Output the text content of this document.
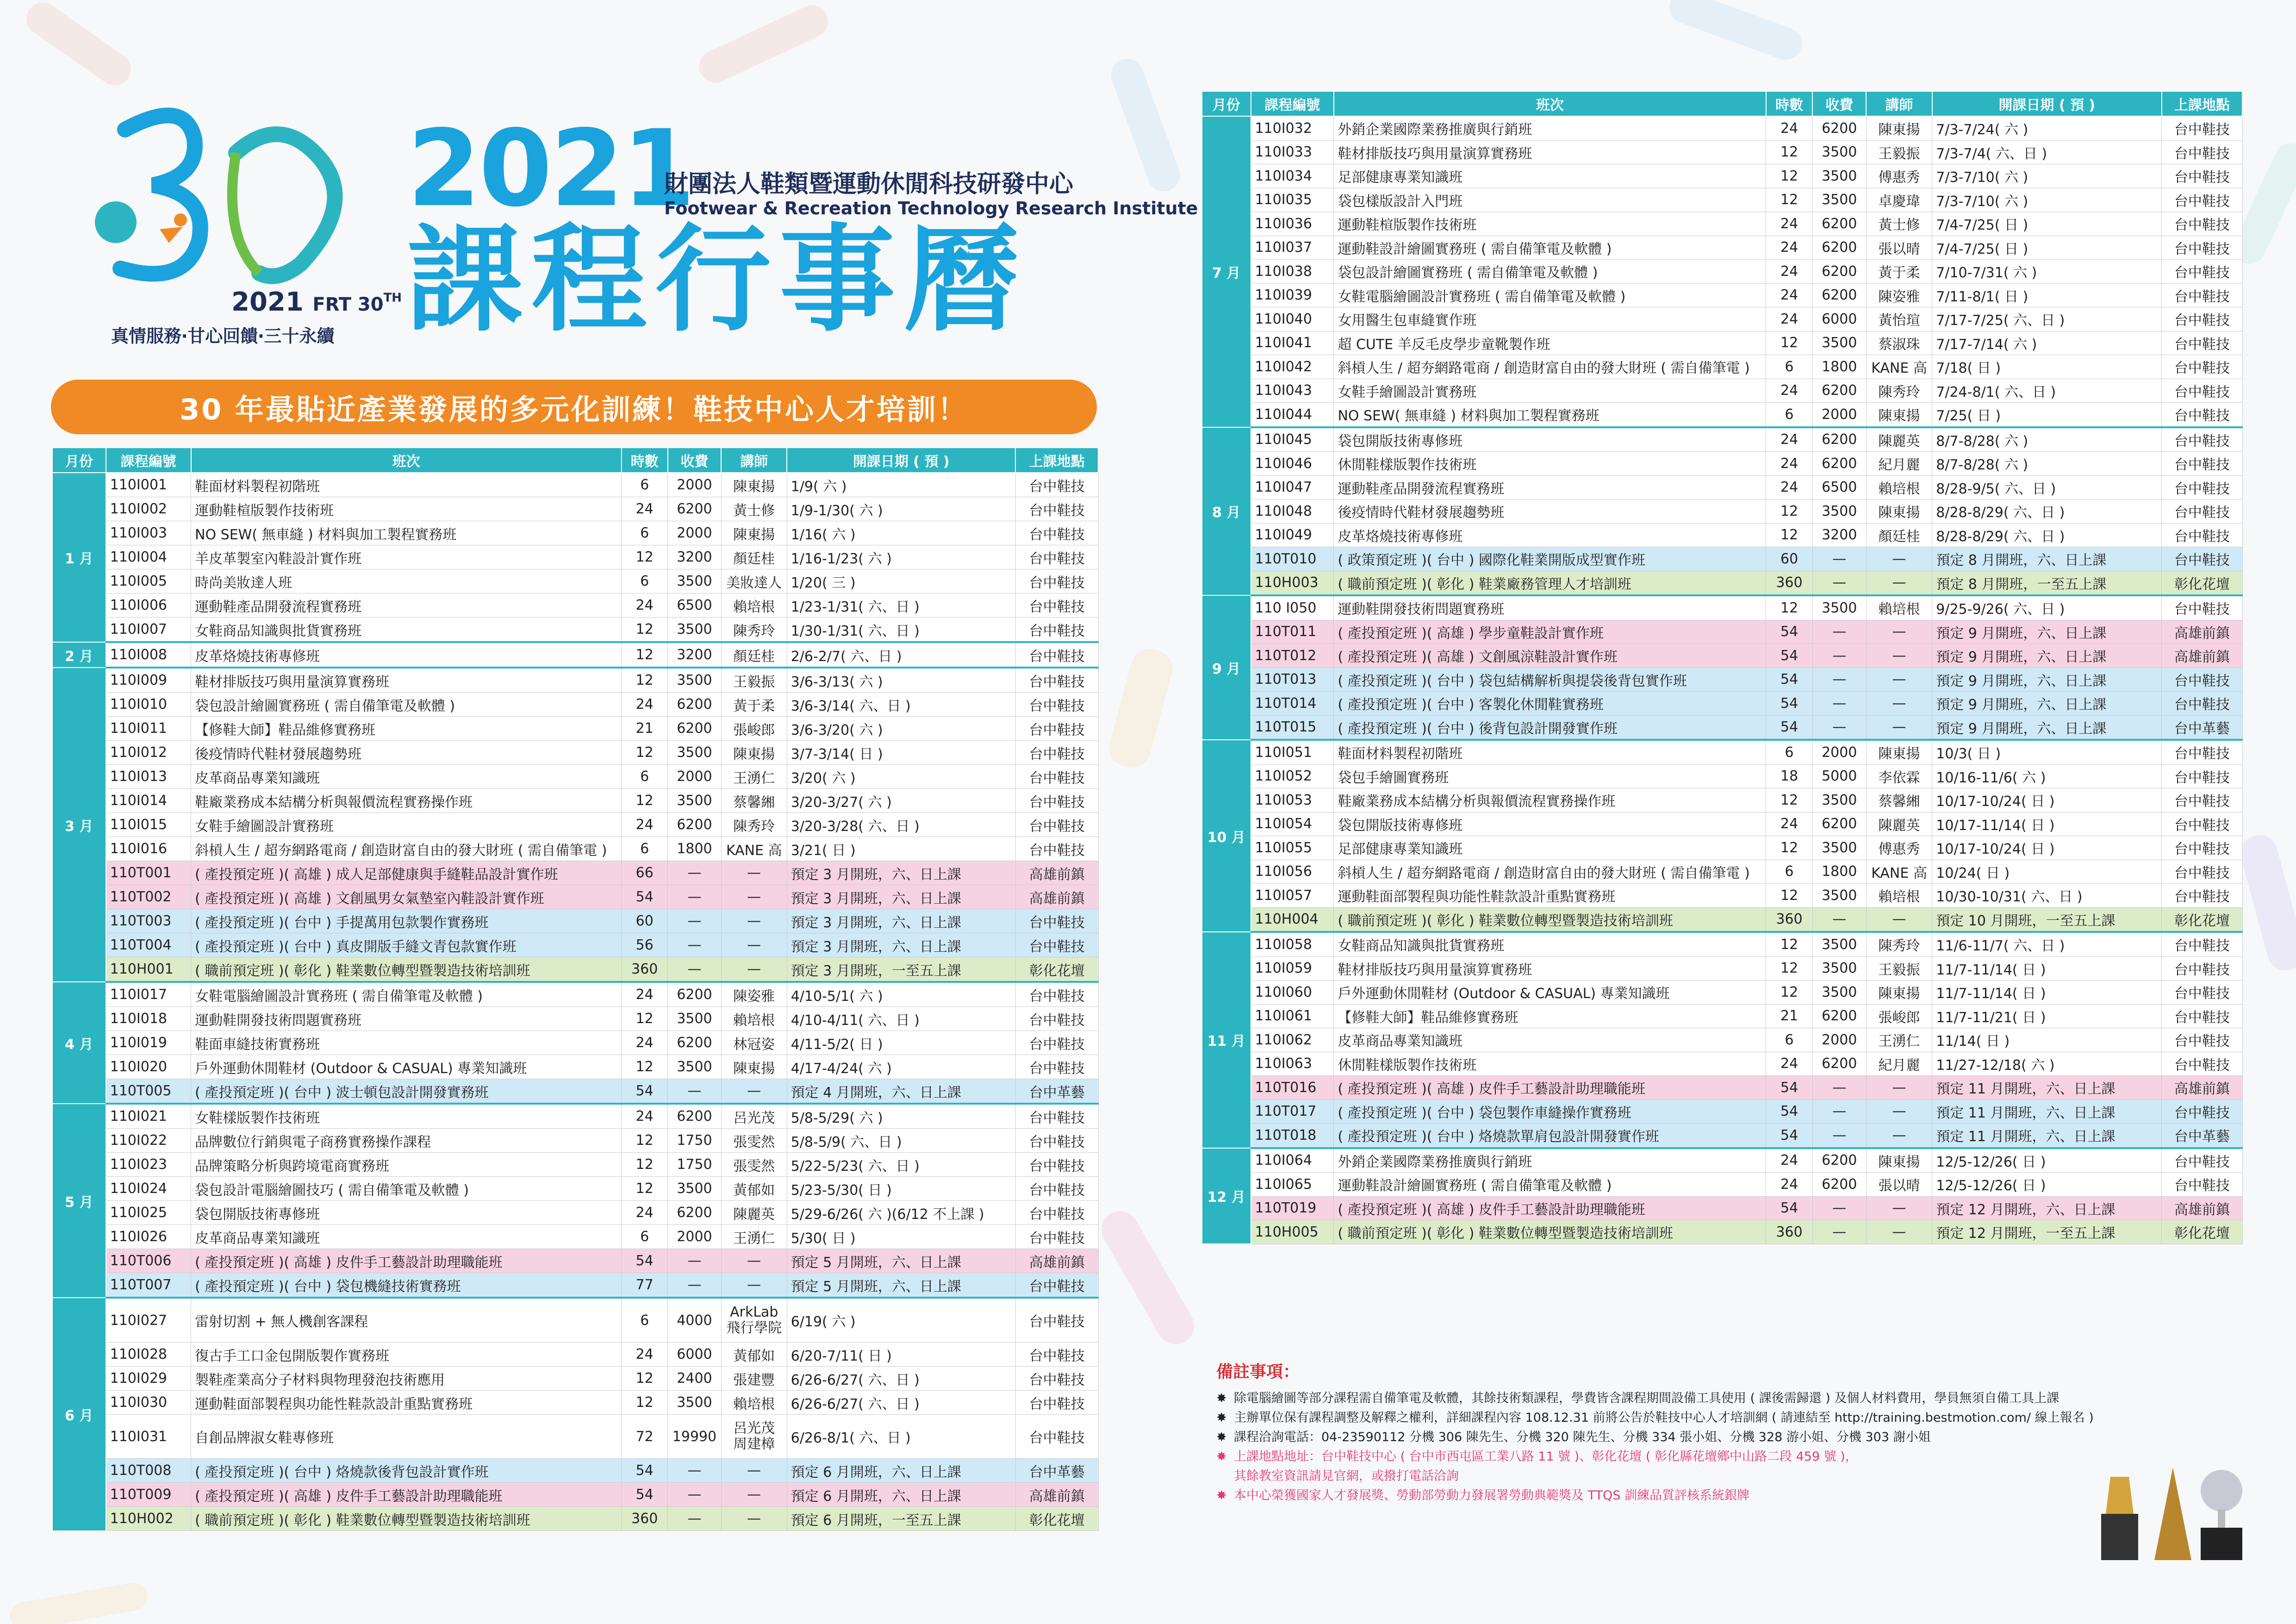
2021 FRT 30TH
真情服務‧甘心回饋‧三十永續
2021
財團法人鞋類暨運動休閒科技研發中心
Footwear & Recreation Technology Research Institute
課程行事曆
30 年最貼近產業發展的多元化訓練！鞋技中心人才培訓！
月份	課程編號	班次	時數	收費	講師	開課日期 ( 預 )	上課地點
1 月	110I001	鞋面材料製程初階班	6	2000	陳東揚	1/9( 六 )	台中鞋技
	110I002	運動鞋楦版製作技術班	24	6200	黃士修	1/9-1/30( 六 )	台中鞋技
	110I003	NO SEW( 無車縫 ) 材料與加工製程實務班	6	2000	陳東揚	1/16( 六 )	台中鞋技
	110I004	羊皮革製室內鞋設計實作班	12	3200	顏廷桂	1/16-1/23( 六 )	台中鞋技
	110I005	時尚美妝達人班	6	3500	美妝達人	1/20( 三 )	台中鞋技
	110I006	運動鞋產品開發流程實務班	24	6500	賴培根	1/23-1/31( 六、日 )	台中鞋技
	110I007	女鞋商品知識與批貨實務班	12	3500	陳秀玲	1/30-1/31( 六、日 )	台中鞋技
2 月	110I008	皮革烙燒技術專修班	12	3200	顏廷桂	2/6-2/7( 六、日 )	台中鞋技
3 月	110I009	鞋材排版技巧與用量演算實務班	12	3500	王毅振	3/6-3/13( 六 )	台中鞋技
	110I010	袋包設計繪圖實務班 ( 需自備筆電及軟體 )	24	6200	黃于柔	3/6-3/14( 六、日 )	台中鞋技
	110I011	【修鞋大師】鞋品維修實務班	21	6200	張峻郎	3/6-3/20( 六 )	台中鞋技
	110I012	後疫情時代鞋材發展趨勢班	12	3500	陳東揚	3/7-3/14( 日 )	台中鞋技
	110I013	皮革商品專業知識班	6	2000	王湧仁	3/20( 六 )	台中鞋技
	110I014	鞋廠業務成本結構分析與報價流程實務操作班	12	3500	蔡馨緗	3/20-3/27( 六 )	台中鞋技
	110I015	女鞋手繪圖設計實務班	24	6200	陳秀玲	3/20-3/28( 六、日 )	台中鞋技
	110I016	斜槓人生 / 超夯網路電商 / 創造財富自由的發大財班 ( 需自備筆電 )	6	1800	KANE 高	3/21( 日 )	台中鞋技
	110T001	( 產投預定班 )( 高雄 ) 成人足部健康與手縫鞋品設計實作班	66	—	—	預定 3 月開班，六、日上課	高雄前鎮
	110T002	( 產投預定班 )( 高雄 ) 文創風男女氣墊室內鞋設計實作班	54	—	—	預定 3 月開班，六、日上課	高雄前鎮
	110T003	( 產投預定班 )( 台中 ) 手提萬用包款製作實務班	60	—	—	預定 3 月開班，六、日上課	台中鞋技
	110T004	( 產投預定班 )( 台中 ) 真皮開版手縫文青包款實作班	56	—	—	預定 3 月開班，六、日上課	台中鞋技
	110H001	( 職前預定班 )( 彰化 ) 鞋業數位轉型暨製造技術培訓班	360	—	—	預定 3 月開班，一至五上課	彰化花壇
4 月	110I017	女鞋電腦繪圖設計實務班 ( 需自備筆電及軟體 )	24	6200	陳姿雅	4/10-5/1( 六 )	台中鞋技
	110I018	運動鞋開發技術問題實務班	12	3500	賴培根	4/10-4/11( 六、日 )	台中鞋技
	110I019	鞋面車縫技術實務班	24	6200	林冠姿	4/11-5/2( 日 )	台中鞋技
	110I020	戶外運動休閒鞋材 (Outdoor & CASUAL) 專業知識班	12	3500	陳東揚	4/17-4/24( 六 )	台中鞋技
	110T005	( 產投預定班 )( 台中 ) 波士頓包設計開發實務班	54	—	—	預定 4 月開班，六、日上課	台中革藝
5 月	110I021	女鞋樣版製作技術班	24	6200	呂光茂	5/8-5/29( 六 )	台中鞋技
	110I022	品牌數位行銷與電子商務實務操作課程	12	1750	張雯然	5/8-5/9( 六、日 )	台中鞋技
	110I023	品牌策略分析與跨境電商實務班	12	1750	張雯然	5/22-5/23( 六、日 )	台中鞋技
	110I024	袋包設計電腦繪圖技巧 ( 需自備筆電及軟體 )	12	3500	黃郁如	5/23-5/30( 日 )	台中鞋技
	110I025	袋包開版技術專修班	24	6200	陳麗英	5/29-6/26( 六 )(6/12 不上課 )	台中鞋技
	110I026	皮革商品專業知識班	6	2000	王湧仁	5/30( 日 )	台中鞋技
	110T006	( 產投預定班 )( 高雄 ) 皮件手工藝設計助理職能班	54	—	—	預定 5 月開班，六、日上課	高雄前鎮
	110T007	( 產投預定班 )( 台中 ) 袋包機縫技術實務班	77	—	—	預定 5 月開班，六、日上課	台中鞋技
6 月	110I027	雷射切割 + 無人機創客課程	6	4000	ArkLab 飛行學院	6/19( 六 )	台中鞋技
	110I028	復古手工口金包開版製作實務班	24	6000	黃郁如	6/20-7/11( 日 )	台中鞋技
	110I029	製鞋產業高分子材料與物理發泡技術應用	12	2400	張建豐	6/26-6/27( 六、日 )	台中鞋技
	110I030	運動鞋面部製程與功能性鞋款設計重點實務班	12	3500	賴培根	6/26-6/27( 六、日 )	台中鞋技
	110I031	自創品牌淑女鞋專修班	72	19990	呂光茂 周建樟	6/26-8/1( 六、日 )	台中鞋技
	110T008	( 產投預定班 )( 台中 ) 烙燒款後背包設計實作班	54	—	—	預定 6 月開班，六、日上課	台中革藝
	110T009	( 產投預定班 )( 高雄 ) 皮件手工藝設計助理職能班	54	—	—	預定 6 月開班，六、日上課	高雄前鎮
	110H002	( 職前預定班 )( 彰化 ) 鞋業數位轉型暨製造技術培訓班	360	—	—	預定 6 月開班，一至五上課	彰化花壇
月份	課程編號	班次	時數	收費	講師	開課日期 ( 預 )	上課地點
7 月	110I032	外銷企業國際業務推廣與行銷班	24	6200	陳東揚	7/3-7/24( 六 )	台中鞋技
	110I033	鞋材排版技巧與用量演算實務班	12	3500	王毅振	7/3-7/4( 六、日 )	台中鞋技
	110I034	足部健康專業知識班	12	3500	傅惠秀	7/3-7/10( 六 )	台中鞋技
	110I035	袋包樣版設計入門班	12	3500	卓慶瑋	7/3-7/10( 六 )	台中鞋技
	110I036	運動鞋楦版製作技術班	24	6200	黃士修	7/4-7/25( 日 )	台中鞋技
	110I037	運動鞋設計繪圖實務班 ( 需自備筆電及軟體 )	24	6200	張以晴	7/4-7/25( 日 )	台中鞋技
	110I038	袋包設計繪圖實務班 ( 需自備筆電及軟體 )	24	6200	黃于柔	7/10-7/31( 六 )	台中鞋技
	110I039	女鞋電腦繪圖設計實務班 ( 需自備筆電及軟體 )	24	6200	陳姿雅	7/11-8/1( 日 )	台中鞋技
	110I040	女用醫生包車縫實作班	24	6000	黃怡瑄	7/17-7/25( 六、日 )	台中鞋技
	110I041	超 CUTE 羊反毛皮學步童靴製作班	12	3500	蔡淑珠	7/17-7/14( 六 )	台中鞋技
	110I042	斜槓人生 / 超夯網路電商 / 創造財富自由的發大財班 ( 需自備筆電 )	6	1800	KANE 高	7/18( 日 )	台中鞋技
	110I043	女鞋手繪圖設計實務班	24	6200	陳秀玲	7/24-8/1( 六、日 )	台中鞋技
	110I044	NO SEW( 無車縫 ) 材料與加工製程實務班	6	2000	陳東揚	7/25( 日 )	台中鞋技
8 月	110I045	袋包開版技術專修班	24	6200	陳麗英	8/7-8/28( 六 )	台中鞋技
	110I046	休閒鞋樣版製作技術班	24	6200	紀月麗	8/7-8/28( 六 )	台中鞋技
	110I047	運動鞋產品開發流程實務班	24	6500	賴培根	8/28-9/5( 六、日 )	台中鞋技
	110I048	後疫情時代鞋材發展趨勢班	12	3500	陳東揚	8/28-8/29( 六、日 )	台中鞋技
	110I049	皮革烙燒技術專修班	12	3200	顏廷桂	8/28-8/29( 六、日 )	台中鞋技
	110T010	( 政策預定班 )( 台中 ) 國際化鞋業開版成型實作班	60	—	—	預定 8 月開班，六、日上課	台中鞋技
	110H003	( 職前預定班 )( 彰化 ) 鞋業廠務管理人才培訓班	360	—	—	預定 8 月開班，一至五上課	彰化花壇
9 月	110 I050	運動鞋開發技術問題實務班	12	3500	賴培根	9/25-9/26( 六、日 )	台中鞋技
	110T011	( 產投預定班 )( 高雄 ) 學步童鞋設計實作班	54	—	—	預定 9 月開班，六、日上課	高雄前鎮
	110T012	( 產投預定班 )( 高雄 ) 文創風涼鞋設計實作班	54	—	—	預定 9 月開班，六、日上課	高雄前鎮
	110T013	( 產投預定班 )( 台中 ) 袋包結構解析與提袋後背包實作班	54	—	—	預定 9 月開班，六、日上課	台中鞋技
	110T014	( 產投預定班 )( 台中 ) 客製化休閒鞋實務班	54	—	—	預定 9 月開班，六、日上課	台中鞋技
	110T015	( 產投預定班 )( 台中 ) 後背包設計開發實作班	54	—	—	預定 9 月開班，六、日上課	台中革藝
10 月	110I051	鞋面材料製程初階班	6	2000	陳東揚	10/3( 日 )	台中鞋技
	110I052	袋包手繪圖實務班	18	5000	李依霖	10/16-11/6( 六 )	台中鞋技
	110I053	鞋廠業務成本結構分析與報價流程實務操作班	12	3500	蔡馨緗	10/17-10/24( 日 )	台中鞋技
	110I054	袋包開版技術專修班	24	6200	陳麗英	10/17-11/14( 日 )	台中鞋技
	110I055	足部健康專業知識班	12	3500	傅惠秀	10/17-10/24( 日 )	台中鞋技
	110I056	斜槓人生 / 超夯網路電商 / 創造財富自由的發大財班 ( 需自備筆電 )	6	1800	KANE 高	10/24( 日 )	台中鞋技
	110I057	運動鞋面部製程與功能性鞋款設計重點實務班	12	3500	賴培根	10/30-10/31( 六、日 )	台中鞋技
	110H004	( 職前預定班 )( 彰化 ) 鞋業數位轉型暨製造技術培訓班	360	—	—	預定 10 月開班，一至五上課	彰化花壇
11 月	110I058	女鞋商品知識與批貨實務班	12	3500	陳秀玲	11/6-11/7( 六、日 )	台中鞋技
	110I059	鞋材排版技巧與用量演算實務班	12	3500	王毅振	11/7-11/14( 日 )	台中鞋技
	110I060	戶外運動休閒鞋材 (Outdoor & CASUAL) 專業知識班	12	3500	陳東揚	11/7-11/14( 日 )	台中鞋技
	110I061	【修鞋大師】鞋品維修實務班	21	6200	張峻郎	11/7-11/21( 日 )	台中鞋技
	110I062	皮革商品專業知識班	6	2000	王湧仁	11/14( 日 )	台中鞋技
	110I063	休閒鞋樣版製作技術班	24	6200	紀月麗	11/27-12/18( 六 )	台中鞋技
	110T016	( 產投預定班 )( 高雄 ) 皮件手工藝設計助理職能班	54	—	—	預定 11 月開班，六、日上課	高雄前鎮
	110T017	( 產投預定班 )( 台中 ) 袋包製作車縫操作實務班	54	—	—	預定 11 月開班，六、日上課	台中鞋技
	110T018	( 產投預定班 )( 台中 ) 烙燒款單肩包設計開發實作班	54	—	—	預定 11 月開班，六、日上課	台中革藝
12 月	110I064	外銷企業國際業務推廣與行銷班	24	6200	陳東揚	12/5-12/26( 日 )	台中鞋技
	110I065	運動鞋設計繪圖實務班 ( 需自備筆電及軟體 )	24	6200	張以晴	12/5-12/26( 日 )	台中鞋技
	110T019	( 產投預定班 )( 高雄 ) 皮件手工藝設計助理職能班	54	—	—	預定 12 月開班，六、日上課	高雄前鎮
	110H005	( 職前預定班 )( 彰化 ) 鞋業數位轉型暨製造技術培訓班	360	—	—	預定 12 月開班，一至五上課	彰化花壇
備註事項：
✸ 除電腦繪圖等部分課程需自備筆電及軟體，其餘技術類課程，學費皆含課程期間設備工具使用 ( 課後需歸還 ) 及個人材料費用，學員無須自備工具上課
✸ 主辦單位保有課程調整及解釋之權利，詳細課程內容 108.12.31 前將公告於鞋技中心人才培訓網 ( 請連結至 http://training.bestmotion.com/ 線上報名 )
✸ 課程洽詢電話：04-23590112 分機 306 陳先生、分機 320 陳先生、分機 334 張小姐、分機 328 游小姐、分機 303 謝小姐
✸ 上課地點地址：台中鞋技中心 ( 台中市西屯區工業八路 11 號 )、彰化花壇 ( 彰化縣花壇鄉中山路二段 459 號 )，
其餘教室資訊請見官網，或撥打電話洽詢
✸ 本中心榮獲國家人才發展獎、勞動部勞動力發展署勞動典範獎及 TTQS 訓練品質評核系統銀牌
